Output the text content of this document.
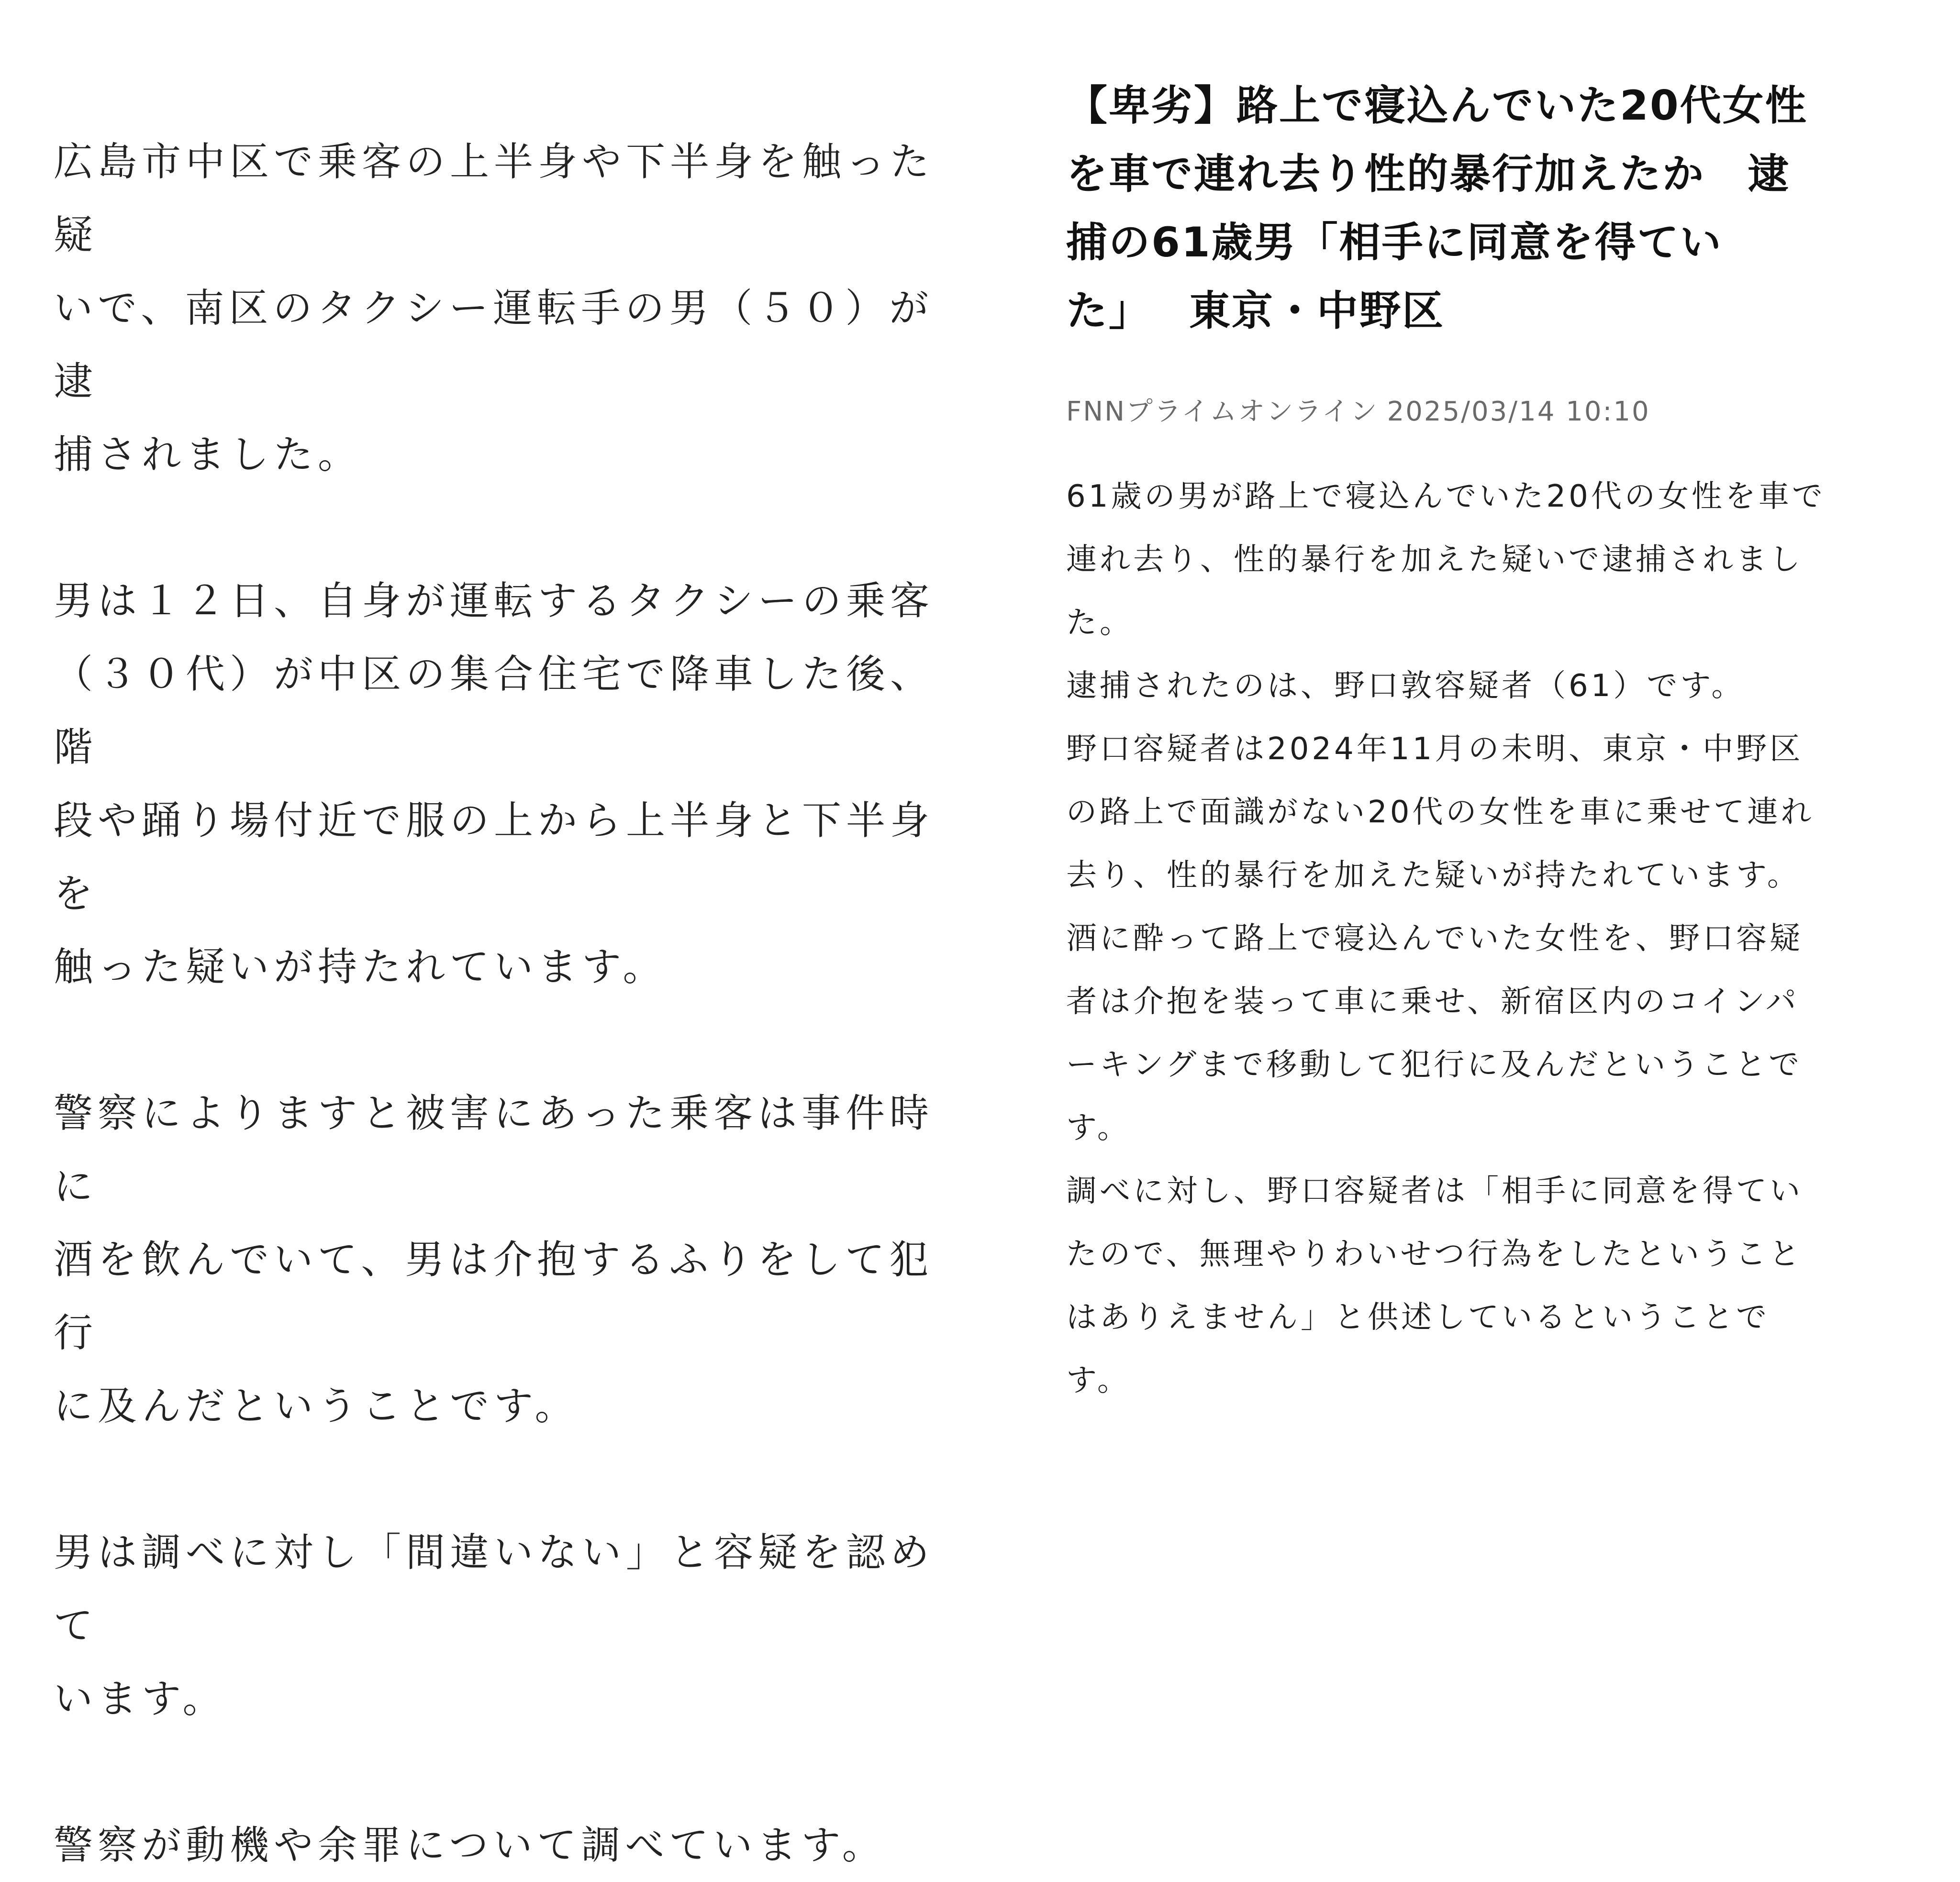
広島市中区で乗客の上半身や下半身を触った疑
いで、南区のタクシー運転手の男（５０）が逮
捕されました。

男は１２日、自身が運転するタクシーの乗客
（３０代）が中区の集合住宅で降車した後、階
段や踊り場付近で服の上から上半身と下半身を
触った疑いが持たれています。

警察によりますと被害にあった乗客は事件時に
酒を飲んでいて、男は介抱するふりをして犯行
に及んだということです。

男は調べに対し「間違いない」と容疑を認めて
います。

警察が動機や余罪について調べています。

【卑劣】路上で寝込んでいた20代女性
を車で連れ去り性的暴行加えたか　逮
捕の61歳男「相手に同意を得てい
た」　 東京・中野区
FNNプライムオンライン 2025/03/14 10:10

61歳の男が路上で寝込んでいた20代の女性を車で
連れ去り、性的暴行を加えた疑いで逮捕されまし
た。

逮捕されたのは、野口敦容疑者（61）です。

野口容疑者は2024年11月の未明、東京・中野区
の路上で面識がない20代の女性を車に乗せて連れ
去り、性的暴行を加えた疑いが持たれています。

酒に酔って路上で寝込んでいた女性を、野口容疑
者は介抱を装って車に乗せ、新宿区内のコインパ
ーキングまで移動して犯行に及んだということで
す。

調べに対し、野口容疑者は「相手に同意を得てい
たので、無理やりわいせつ行為をしたということ
はありえません」と供述しているということで
す。
